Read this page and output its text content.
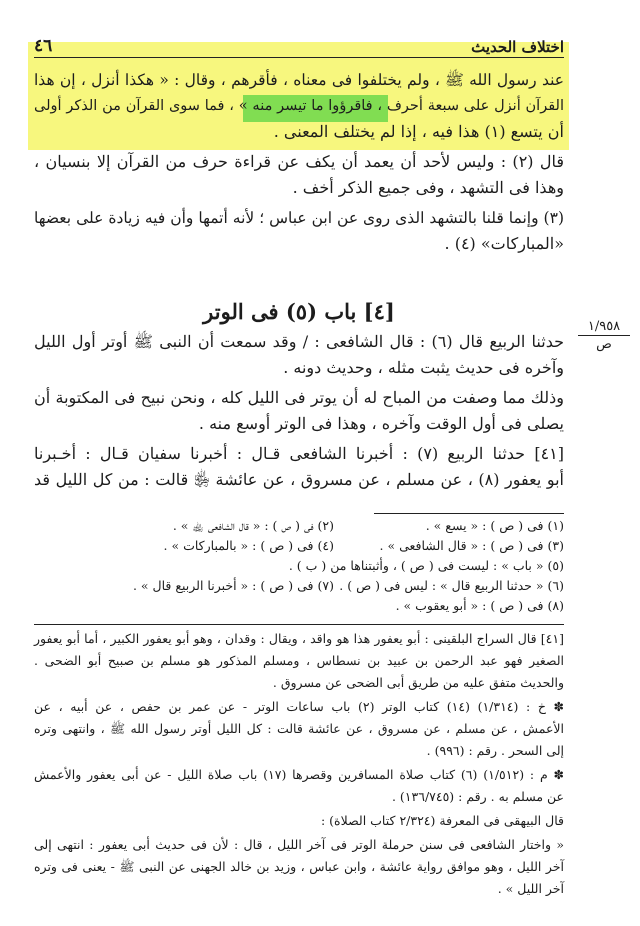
٤٦	اختلاف الحديث
عند رسول الله ﷺ ، ولم يختلفوا فى معناه ، فأقرهم ، وقال : « هكذا أنزل ، إن هذا
القرآن أنزل على سبعة أحرف ، فاقرؤوا ما تيسر منه » ، فما سوى القرآن من الذكر أولى
أن يتسع (١) هذا فيه ، إذا لم يختلف المعنى .
قال (٢) : وليس لأحد أن يعمد أن يكف عن قراءة حرف من القرآن إلا بنسيان ،
وهذا فى التشهد ، وفى جميع الذكر أخف .
(٣) وإنما قلنا بالتشهد الذى روى عن ابن عباس ؛ لأنه أتمها وأن فيه زيادة على بعضها
«المباركات» (٤) .
[٤] باب (٥) فى الوتر
١/٩٥٨
ص
حدثنا الربيع قال (٦) : قال الشافعى : / وقد سمعت أن النبى ﷺ أوتر أول الليل
وآخره فى حديث يثبت مثله ، وحديث دونه .
وذلك مما وصفت من المباح له أن يوتر فى الليل كله ، ونحن نبيح فى المكتوبة أن
يصلى فى أول الوقت وآخره ، وهذا فى الوتر أوسع منه .
[٤١] حدثنا الربيع (٧) : أخبرنا الشافعى قـال : أخبرنا سفيان قـال : أخـبرنا
أبو يعفور (٨) ، عن مسلم ، عن مسروق ، عن عائشة ﵂ قالت : من كل الليل قد
(١) فى ( ص ) : « يسع » .
(٢) فى ( ص ) : « قال الشافعى ﵀ » .
(٣) فى ( ص ) : « قال الشافعى » .
(٤) فى ( ص ) : « بالمباركات » .
(٥) « باب » : ليست فى ( ص ) ، وأثبتناها من ( ب ) .
(٦) « حدثنا الربيع قال » : ليس فى ( ص ) .
(٧) فى ( ص ) : « أخبرنا الربيع قال » .
(٨) فى ( ص ) : « أبو يعقوب » .
[٤١] قال السراج البلقينى : أبو يعفور هذا هو واقد ، ويقال : وقدان ، وهو أبو يعفور الكبير ، أما أبو يعفور
الصغير فهو عبد الرحمن بن عبيد بن نسطاس ، ومسلم المذكور هو مسلم بن صبيح أبو الضحى .
والحديث متفق عليه من طريق أبى الضحى عن مسروق .
✽ خ : (١/٣١٤) (١٤) كتاب الوتر (٢) باب ساعات الوتر - عن عمر بن حفص ، عن أبيه ، عن
الأعمش ، عن مسلم ، عن مسروق ، عن عائشة قالت : كل الليل أوتر رسول الله ﷺ ، وانتهى وتره
إلى السحر . رقم : (٩٩٦) .
✽ م : (١/٥١٢) (٦) كتاب صلاة المسافرين وقصرها (١٧) باب صلاة الليل - عن أبى يعفور والأعمش
عن مسلم به . رقم : (١٣٦/٧٤٥) .
قال البيهقى فى المعرفة (٢/٣٢٤ كتاب الصلاة) :
« واختار الشافعى فى سنن حرملة الوتر فى آخر الليل ، قال : لأن فى حديث أبى يعفور : انتهى إلى
آخر الليل ، وهو موافق رواية عائشة ، وابن عباس ، وزيد بن خالد الجهنى عن النبى ﷺ - يعنى فى وتره
آخر الليل » .
